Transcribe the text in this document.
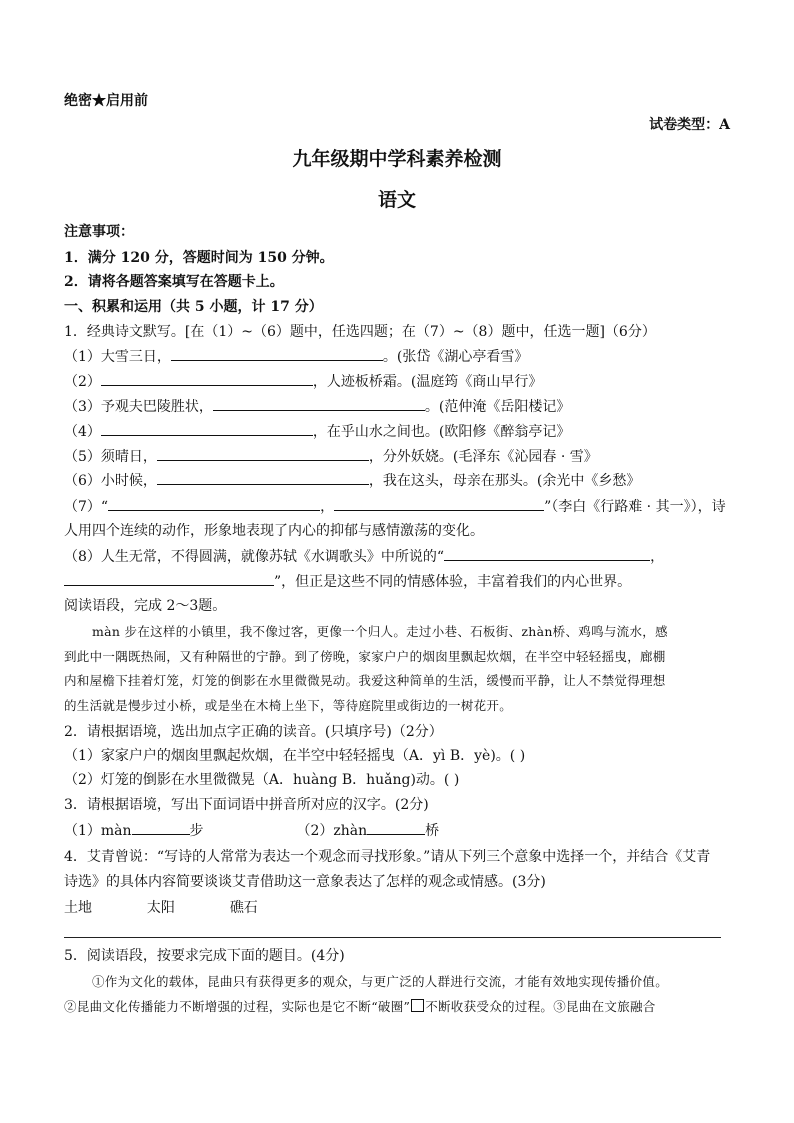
绝密★启用前
试卷类型：A
九年级期中学科素养检测
语文
注意事项：
1．满分 120 分，答题时间为 150 分钟。
2．请将各题答案填写在答题卡上。
一、积累和运用（共 5 小题，计 17 分）
1．经典诗文默写。[在（1）~（6）题中，任选四题；在（7）~（8）题中，任选一题]（6分）
（1）大雪三日，	。(张岱《湖心亭看雪》
（2）	，人迹板桥霜。(温庭筠《商山早行》
（3）予观夫巴陵胜状，	。(范仲淹《岳阳楼记》
（4）	，在乎山水之间也。(欧阳修《醉翁亭记》
（5）须晴日，	，分外妖娆。(毛泽东《沁园春 · 雪》
（6）小时候，	，我在这头，母亲在那头。(余光中《乡愁》
（7）“	，	”（李白《行路难 · 其一》），诗
人用四个连续的动作，形象地表现了内心的抑郁与感情激荡的变化。
（8）人生无常，不得圆满，就像苏轼《水调歌头》中所说的“	，
”，但正是这些不同的情感体验，丰富着我们的内心世界。
阅读语段，完成 2～3题。
màn 步在这样的小镇里，我不像过客，更像一个归人。走过小巷、石板街、zhàn桥、鸡鸣与流水，感
到此中一隅既热闹，又有种隔世的宁静。到了傍晚，家家户户的烟囱里飘起炊烟，在半空中轻轻摇曳，廊棚
内和屋檐下挂着灯笼，灯笼的倒影在水里微微晃动。我爱这种简单的生活，缓慢而平静，让人不禁觉得理想
的生活就是慢步过小桥，或是坐在木椅上坐下，等待庭院里或街边的一树花开。
2．请根据语境，选出加点字正确的读音。(只填序号)（2分）
（1）家家户户的烟囱里飘起炊烟，在半空中轻轻摇曳（A．yì B．yè)。( )
（2）灯笼的倒影在水里微微晃（A．huàng B．huǎng)动。( )
3．请根据语境，写出下面词语中拼音所对应的汉字。(2分)
（1）màn	步	（2）zhàn	桥
4．艾青曾说：“写诗的人常常为表达一个观念而寻找形象。”请从下列三个意象中选择一个，并结合《艾青
诗选》的具体内容简要谈谈艾青借助这一意象表达了怎样的观念或情感。(3分)
土地	太阳	礁石
5．阅读语段，按要求完成下面的题目。(4分)
①作为文化的载体，昆曲只有获得更多的观众，与更广泛的人群进行交流，才能有效地实现传播价值。
②昆曲文化传播能力不断增强的过程，实际也是它不断“破圈” 不断收获受众的过程。③昆曲在文旅融合
